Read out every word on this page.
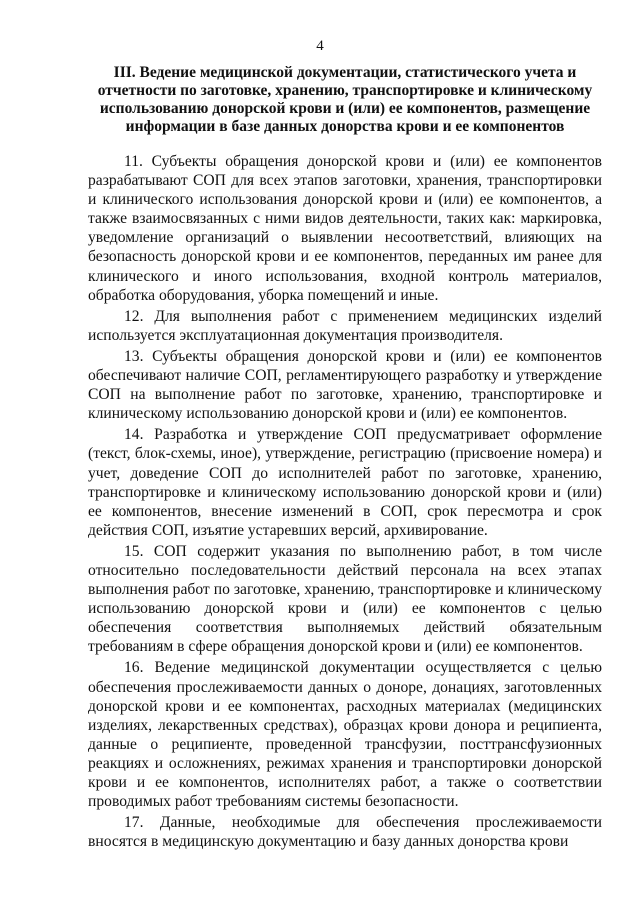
4
III. Ведение медицинской документации, статистического учета и отчетности по заготовке, хранению, транспортировке и клиническому использованию донорской крови и (или) ее компонентов, размещение информации в базе данных донорства крови и ее компонентов

11. Субъекты обращения донорской крови и (или) ее компонентов разрабатывают СОП для всех этапов заготовки, хранения, транспортировки и клинического использования донорской крови и (или) ее компонентов, а также взаимосвязанных с ними видов деятельности, таких как: маркировка, уведомление организаций о выявлении несоответствий, влияющих на безопасность донорской крови и ее компонентов, переданных им ранее для клинического и иного использования, входной контроль материалов, обработка оборудования, уборка помещений и иные.

12. Для выполнения работ с применением медицинских изделий используется эксплуатационная документация производителя.

13. Субъекты обращения донорской крови и (или) ее компонентов обеспечивают наличие СОП, регламентирующего разработку и утверждение СОП на выполнение работ по заготовке, хранению, транспортировке и клиническому использованию донорской крови и (или) ее компонентов.

14. Разработка и утверждение СОП предусматривает оформление (текст, блок-схемы, иное), утверждение, регистрацию (присвоение номера) и учет, доведение СОП до исполнителей работ по заготовке, хранению, транспортировке и клиническому использованию донорской крови и (или) ее компонентов, внесение изменений в СОП, срок пересмотра и срок действия СОП, изъятие устаревших версий, архивирование.

15. СОП содержит указания по выполнению работ, в том числе относительно последовательности действий персонала на всех этапах выполнения работ по заготовке, хранению, транспортировке и клиническому использованию донорской крови и (или) ее компонентов с целью обеспечения соответствия выполняемых действий обязательным требованиям в сфере обращения донорской крови и (или) ее компонентов.

16. Ведение медицинской документации осуществляется с целью обеспечения прослеживаемости данных о доноре, донациях, заготовленных донорской крови и ее компонентах, расходных материалах (медицинских изделиях, лекарственных средствах), образцах крови донора и реципиента, данные о реципиенте, проведенной трансфузии, посттрансфузионных реакциях и осложнениях, режимах хранения и транспортировки донорской крови и ее компонентов, исполнителях работ, а также о соответствии проводимых работ требованиям системы безопасности.

17. Данные, необходимые для обеспечения прослеживаемости вносятся в медицинскую документацию и базу данных донорства крови
